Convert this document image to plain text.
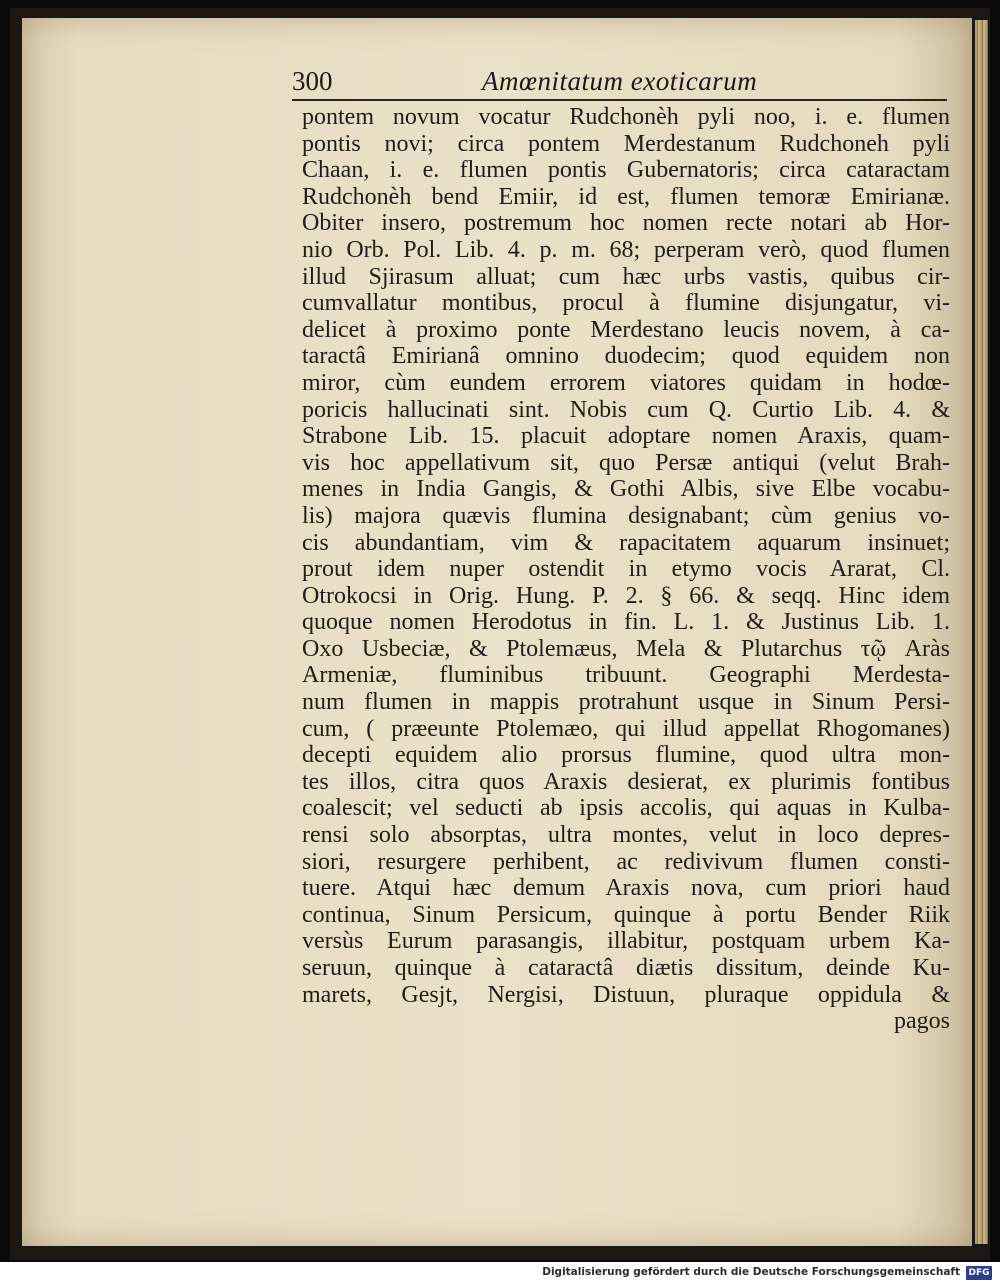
300	Amœnitatum exoticarum
pontem novum vocatur Rudchonèh pyli noo, i. e. flumen
pontis novi; circa pontem Merdestanum Rudchoneh pyli
Chaan, i. e. flumen pontis Gubernatoris; circa cataractam
Rudchonèh bend Emiir, id est, flumen temoræ Emirianæ.
Obiter insero, postremum hoc nomen recte notari ab Hor-
nio Orb. Pol. Lib. 4. p. m. 68; perperam verò, quod flumen
illud Sjirasum alluat; cum hæc urbs vastis, quibus cir-
cumvallatur montibus, procul à flumine disjungatur, vi-
delicet à proximo ponte Merdestano leucis novem, à ca-
taractâ Emirianâ omnino duodecim; quod equidem non
miror, cùm eundem errorem viatores quidam in hodœ-
poricis hallucinati sint. Nobis cum Q. Curtio Lib. 4. &
Strabone Lib. 15. placuit adoptare nomen Araxis, quam-
vis hoc appellativum sit, quo Persæ antiqui (velut Brah-
menes in India Gangis, & Gothi Albis, sive Elbe vocabu-
lis) majora quævis flumina designabant; cùm genius vo-
cis abundantiam, vim & rapacitatem aquarum insinuet;
prout idem nuper ostendit in etymo vocis Ararat, Cl.
Otrokocsi in Orig. Hung. P. 2. § 66. & seqq. Hinc idem
quoque nomen Herodotus in fin. L. 1. & Justinus Lib. 1.
Oxo Usbeciæ, & Ptolemæus, Mela & Plutarchus τῷ Aràs
Armeniæ, fluminibus tribuunt. Geographi Merdesta-
num flumen in mappis protrahunt usque in Sinum Persi-
cum, ( præeunte Ptolemæo, qui illud appellat Rhogomanes)
decepti equidem alio prorsus flumine, quod ultra mon-
tes illos, citra quos Araxis desierat, ex plurimis fontibus
coalescit; vel seducti ab ipsis accolis, qui aquas in Kulba-
rensi solo absorptas, ultra montes, velut in loco depres-
siori, resurgere perhibent, ac redivivum flumen consti-
tuere. Atqui hæc demum Araxis nova, cum priori haud
continua, Sinum Persicum, quinque à portu Bender Riik
versùs Eurum parasangis, illabitur, postquam urbem Ka-
seruun, quinque à cataractâ diætis dissitum, deinde Ku-
marets, Gesjt, Nergisi, Distuun, pluraque oppidula &
pagos
Digitalisierung gefördert durch die Deutsche Forschungsgemeinschaft DFG
